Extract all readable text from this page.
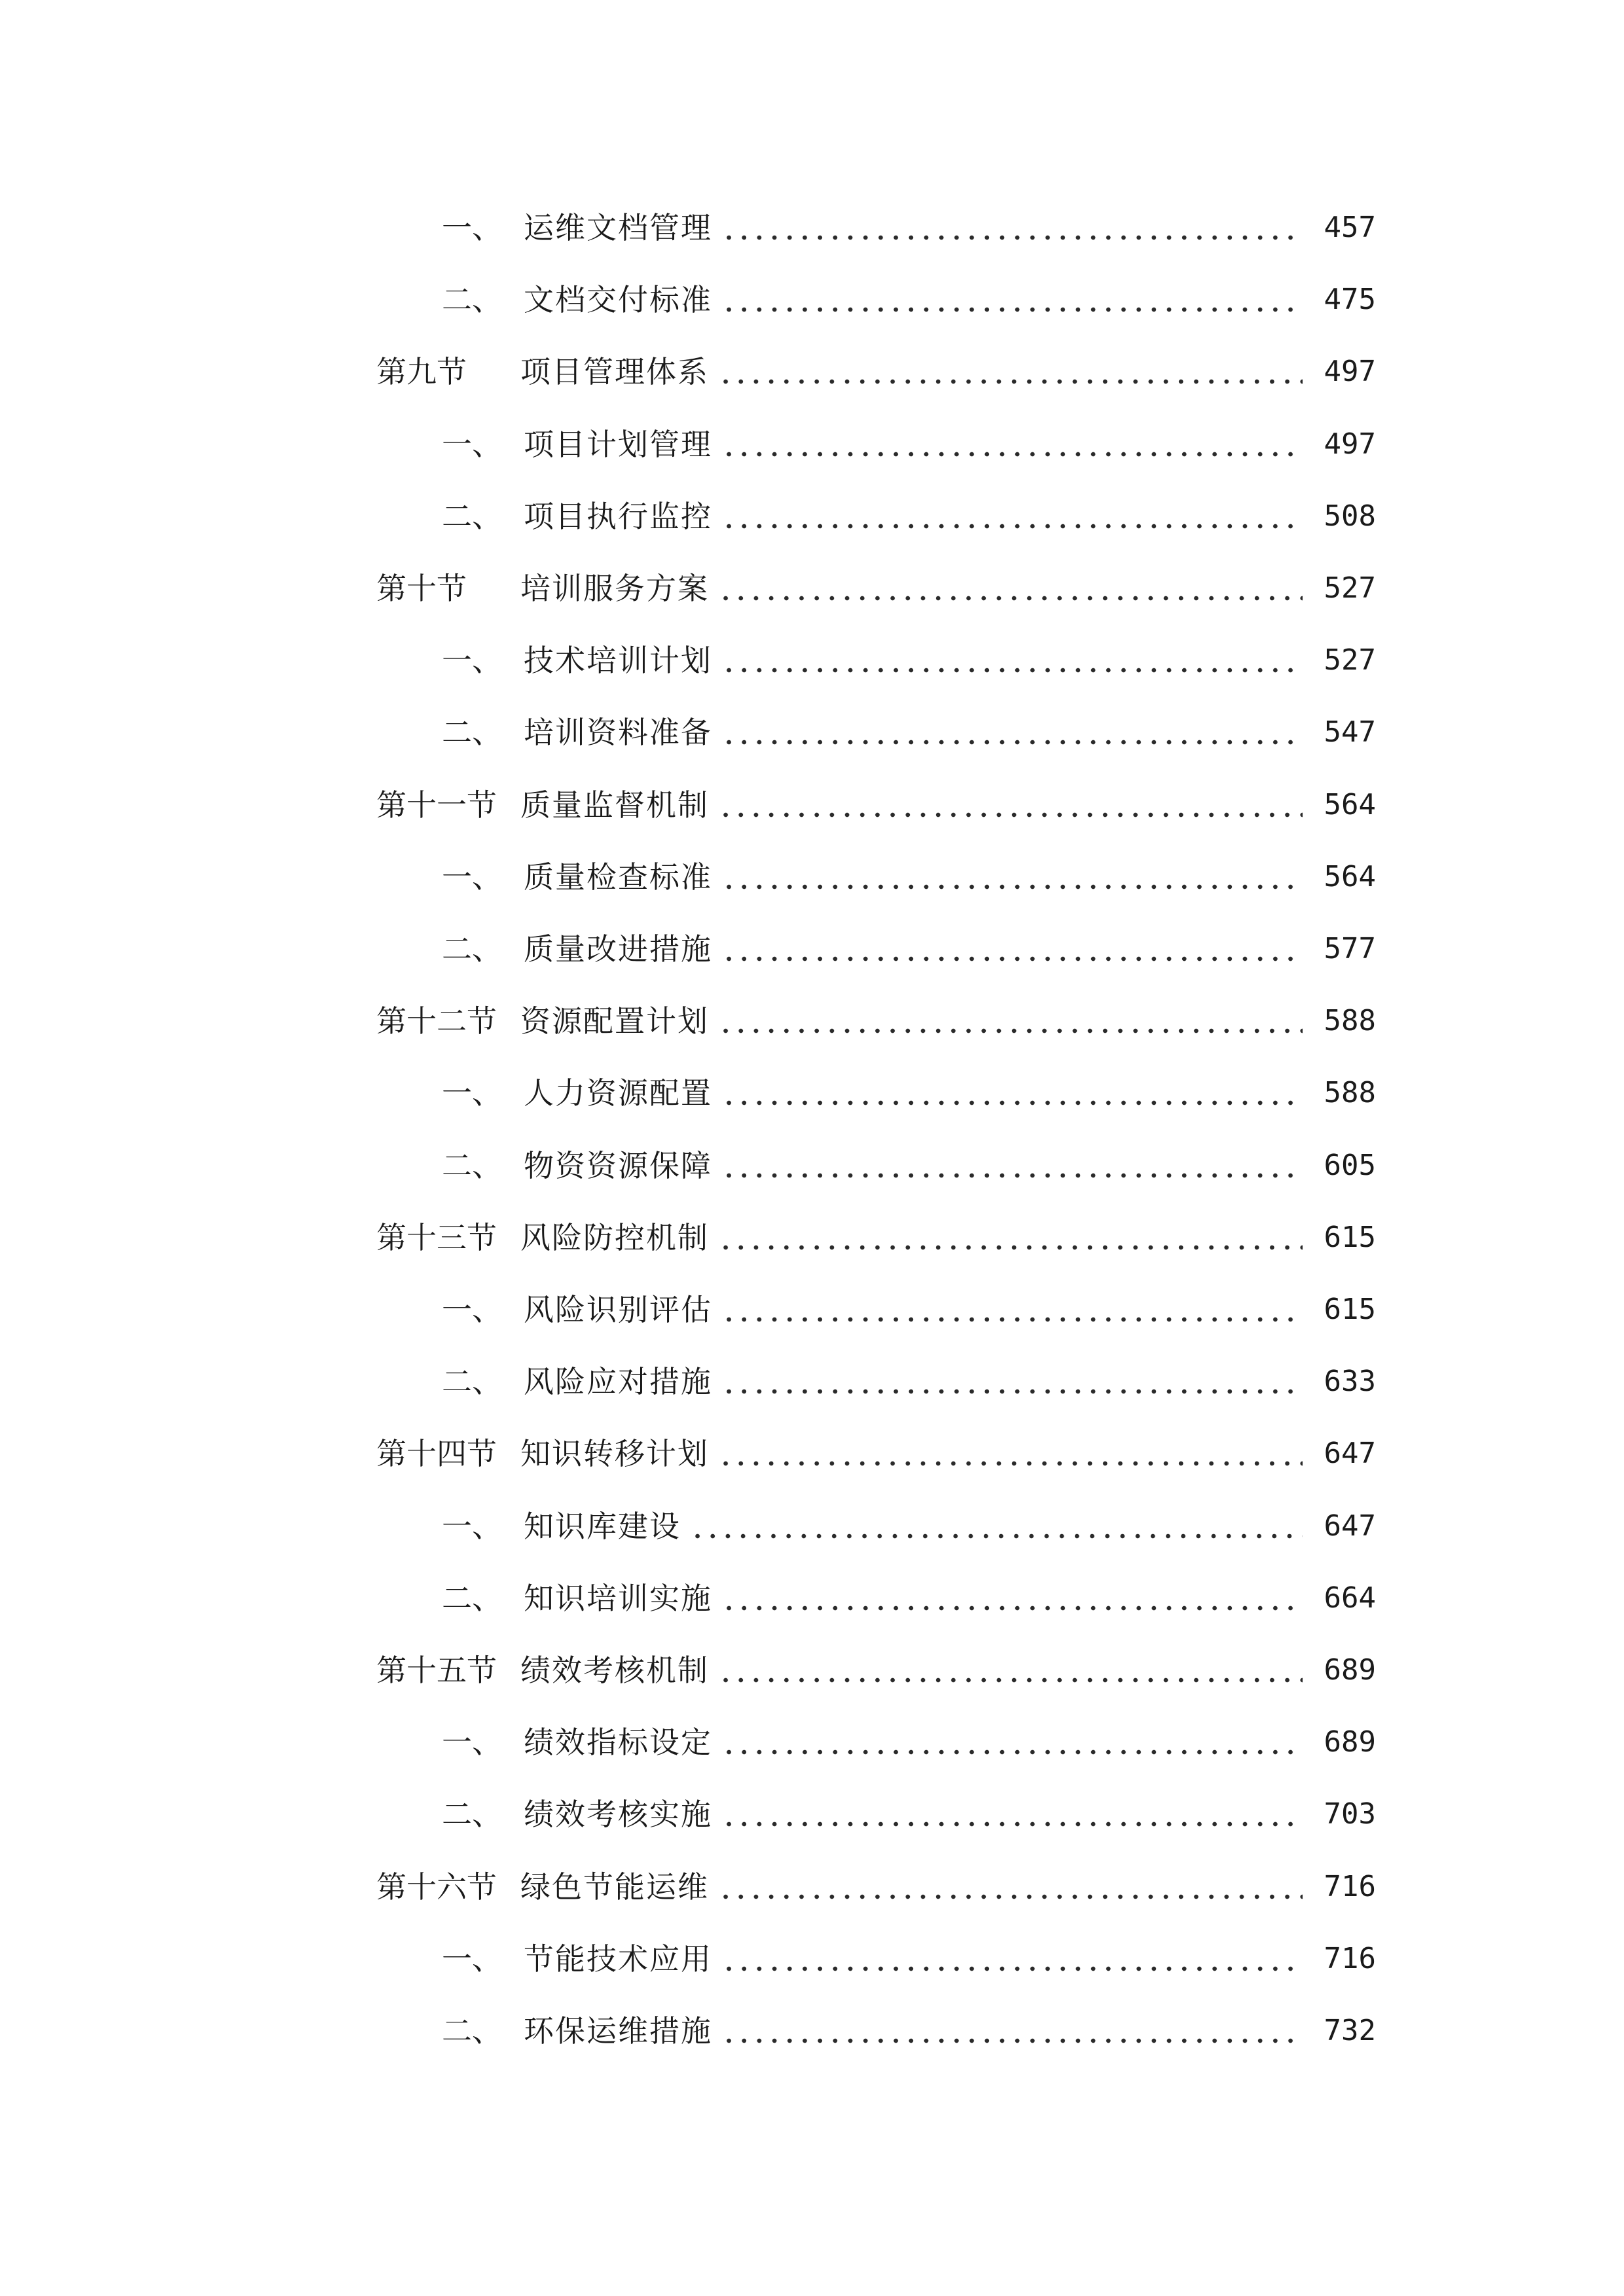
一、 运维文档管理	457
二、 文档交付标准	475
第九节	项目管理体系	497
一、 项目计划管理	497
二、 项目执行监控	508
第十节	培训服务方案	527
一、 技术培训计划	527
二、 培训资料准备	547
第十一节 质量监督机制	564
一、 质量检查标准	564
二、 质量改进措施	577
第十二节 资源配置计划	588
一、 人力资源配置	588
二、 物资资源保障	605
第十三节 风险防控机制	615
一、 风险识别评估	615
二、 风险应对措施	633
第十四节 知识转移计划	647
一、 知识库建设	647
二、 知识培训实施	664
第十五节 绩效考核机制	689
一、 绩效指标设定	689
二、 绩效考核实施	703
第十六节 绿色节能运维	716
一、 节能技术应用	716
二、 环保运维措施	732
